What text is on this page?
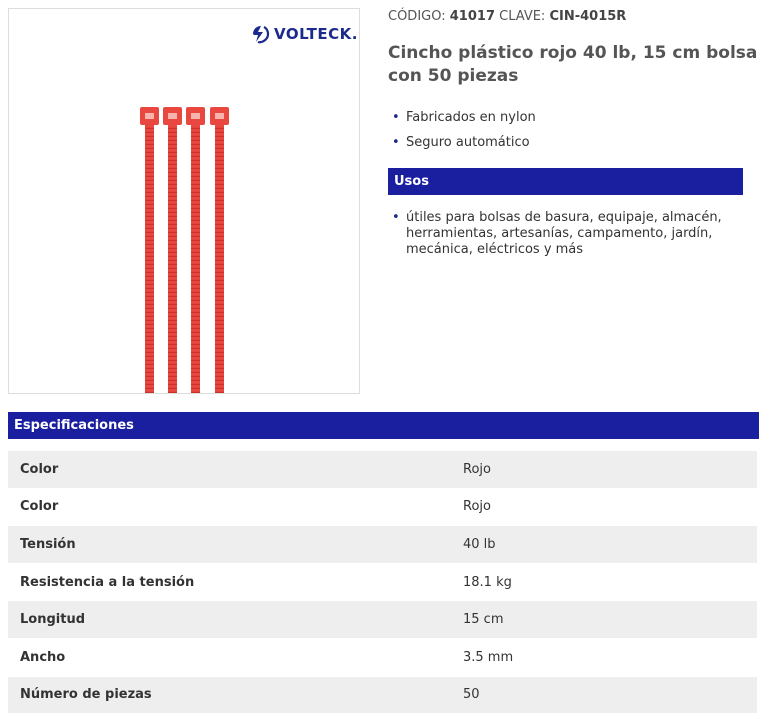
VOLTECK .
CÓDIGO: 41017 CLAVE: CIN-4015R
Cincho plástico rojo 40 lb, 15 cm bolsa con 50 piezas
• Fabricados en nylon
• Seguro automático
Usos
• útiles para bolsas de basura, equipaje, almacén, herramientas, artesanías, campamento, jardín, mecánica, eléctricos y más
Especificaciones
Color	Rojo
Color	Rojo
Tensión	40 lb
Resistencia a la tensión	18.1 kg
Longitud	15 cm
Ancho	3.5 mm
Número de piezas	50
